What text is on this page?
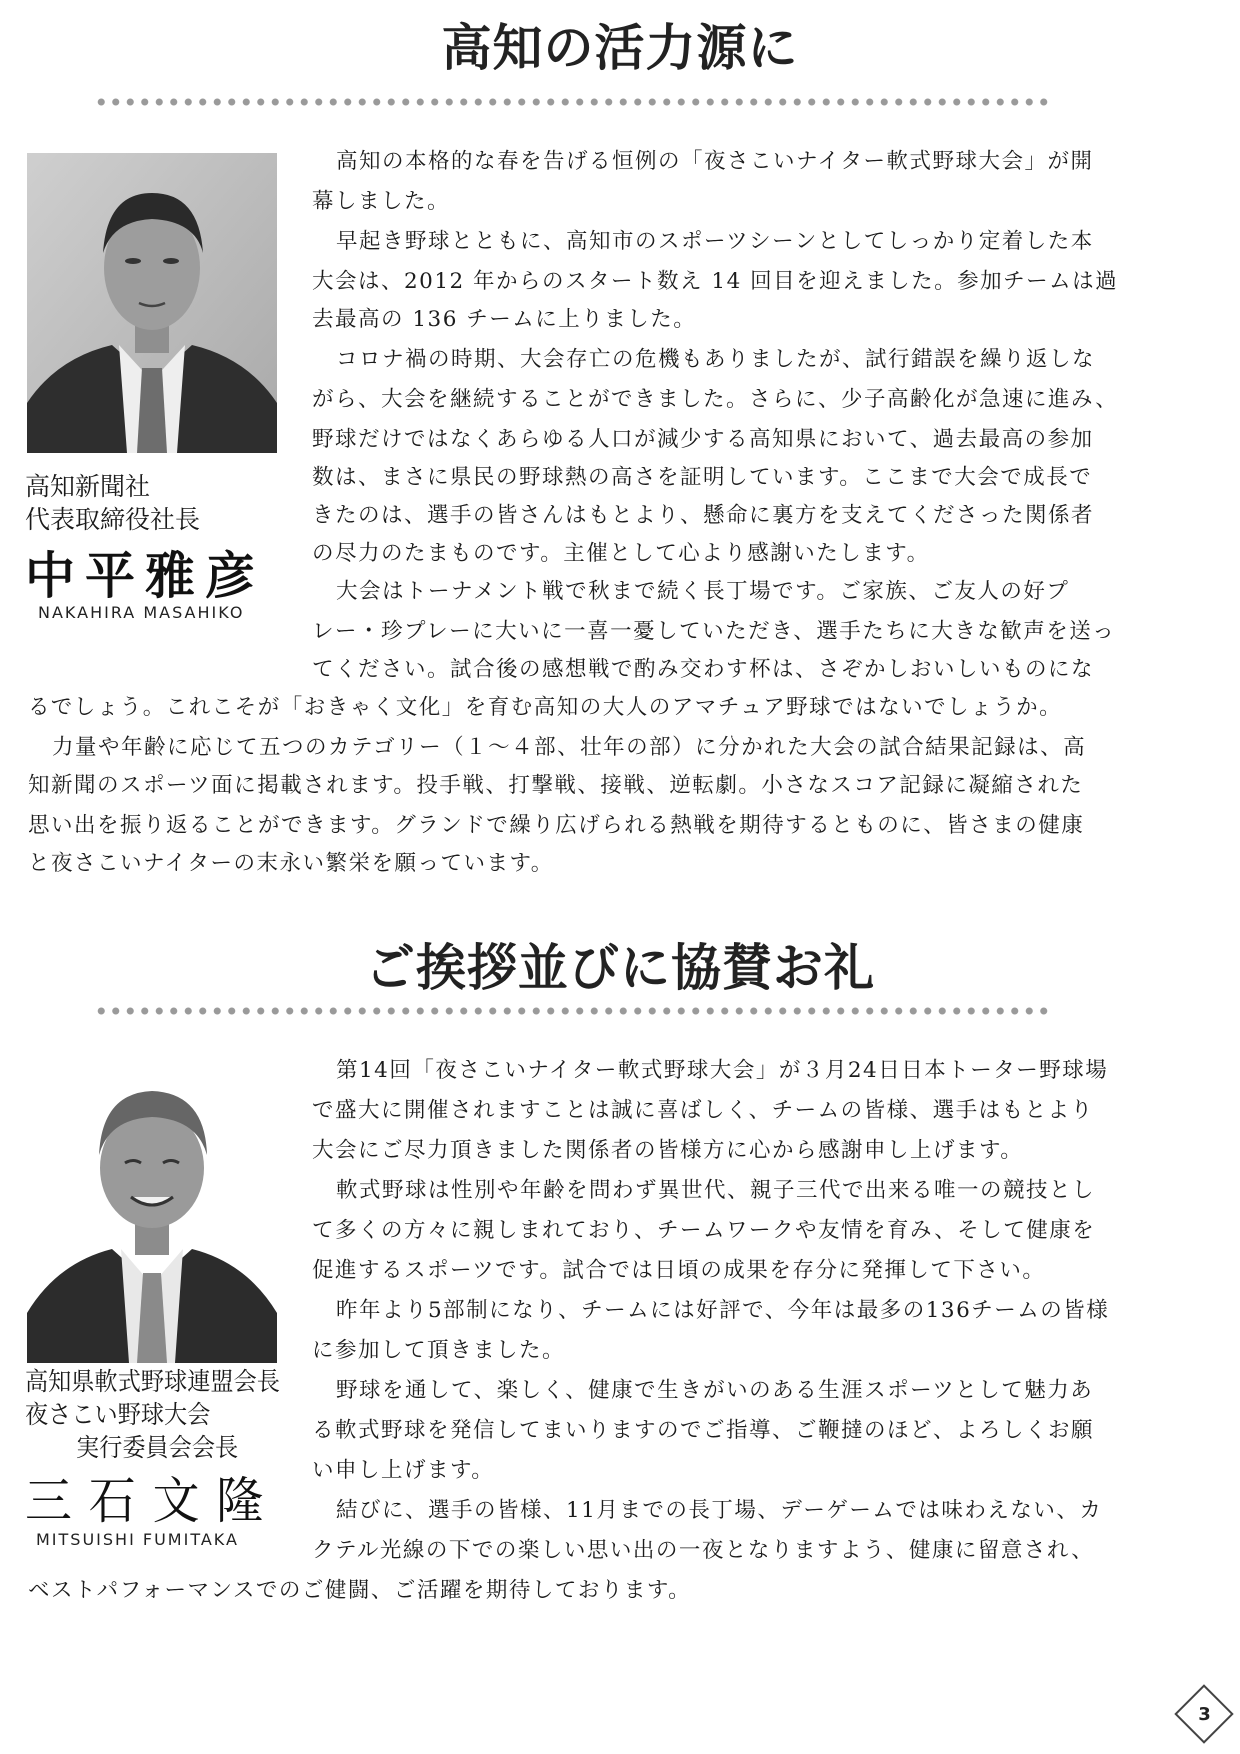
高知の活力源に
高知新聞社
代表取締役社長
中平雅彦
NAKAHIRA MASAHIKO
高知の本格的な春を告げる恒例の「夜さこいナイター軟式野球大会」が開
幕しました。
早起き野球とともに、高知市のスポーツシーンとしてしっかり定着した本
大会は、2012 年からのスタート数え 14 回目を迎えました。参加チームは過
去最高の 136 チームに上りました。
コロナ禍の時期、大会存亡の危機もありましたが、試行錯誤を繰り返しな
がら、大会を継続することができました。さらに、少子高齢化が急速に進み、
野球だけではなくあらゆる人口が減少する高知県において、過去最高の参加
数は、まさに県民の野球熱の高さを証明しています。ここまで大会で成長で
きたのは、選手の皆さんはもとより、懸命に裏方を支えてくださった関係者
の尽力のたまものです。主催として心より感謝いたします。
大会はトーナメント戦で秋まで続く長丁場です。ご家族、ご友人の好プ
レー・珍プレーに大いに一喜一憂していただき、選手たちに大きな歓声を送っ
てください。試合後の感想戦で酌み交わす杯は、さぞかしおいしいものにな
るでしょう。これこそが「おきゃく文化」を育む高知の大人のアマチュア野球ではないでしょうか。
力量や年齢に応じて五つのカテゴリー（１～４部、壮年の部）に分かれた大会の試合結果記録は、高
知新聞のスポーツ面に掲載されます。投手戦、打撃戦、接戦、逆転劇。小さなスコア記録に凝縮された
思い出を振り返ることができます。グランドで繰り広げられる熱戦を期待するとものに、皆さまの健康
と夜さこいナイターの末永い繁栄を願っています。
ご挨拶並びに協賛お礼
高知県軟式野球連盟会長
夜さこい野球大会
実行委員会会長
三石文隆
MITSUISHI FUMITAKA
第14回「夜さこいナイター軟式野球大会」が３月24日日本トーター野球場
で盛大に開催されますことは誠に喜ばしく、チームの皆様、選手はもとより
大会にご尽力頂きました関係者の皆様方に心から感謝申し上げます。
軟式野球は性別や年齢を問わず異世代、親子三代で出来る唯一の競技とし
て多くの方々に親しまれており、チームワークや友情を育み、そして健康を
促進するスポーツです。試合では日頃の成果を存分に発揮して下さい。
昨年より5部制になり、チームには好評で、今年は最多の136チームの皆様
に参加して頂きました。
野球を通して、楽しく、健康で生きがいのある生涯スポーツとして魅力あ
る軟式野球を発信してまいりますのでご指導、ご鞭撻のほど、よろしくお願
い申し上げます。
結びに、選手の皆様、11月までの長丁場、デーゲームでは味わえない、カ
クテル光線の下での楽しい思い出の一夜となりますよう、健康に留意され、
ベストパフォーマンスでのご健闘、ご活躍を期待しております。
3
